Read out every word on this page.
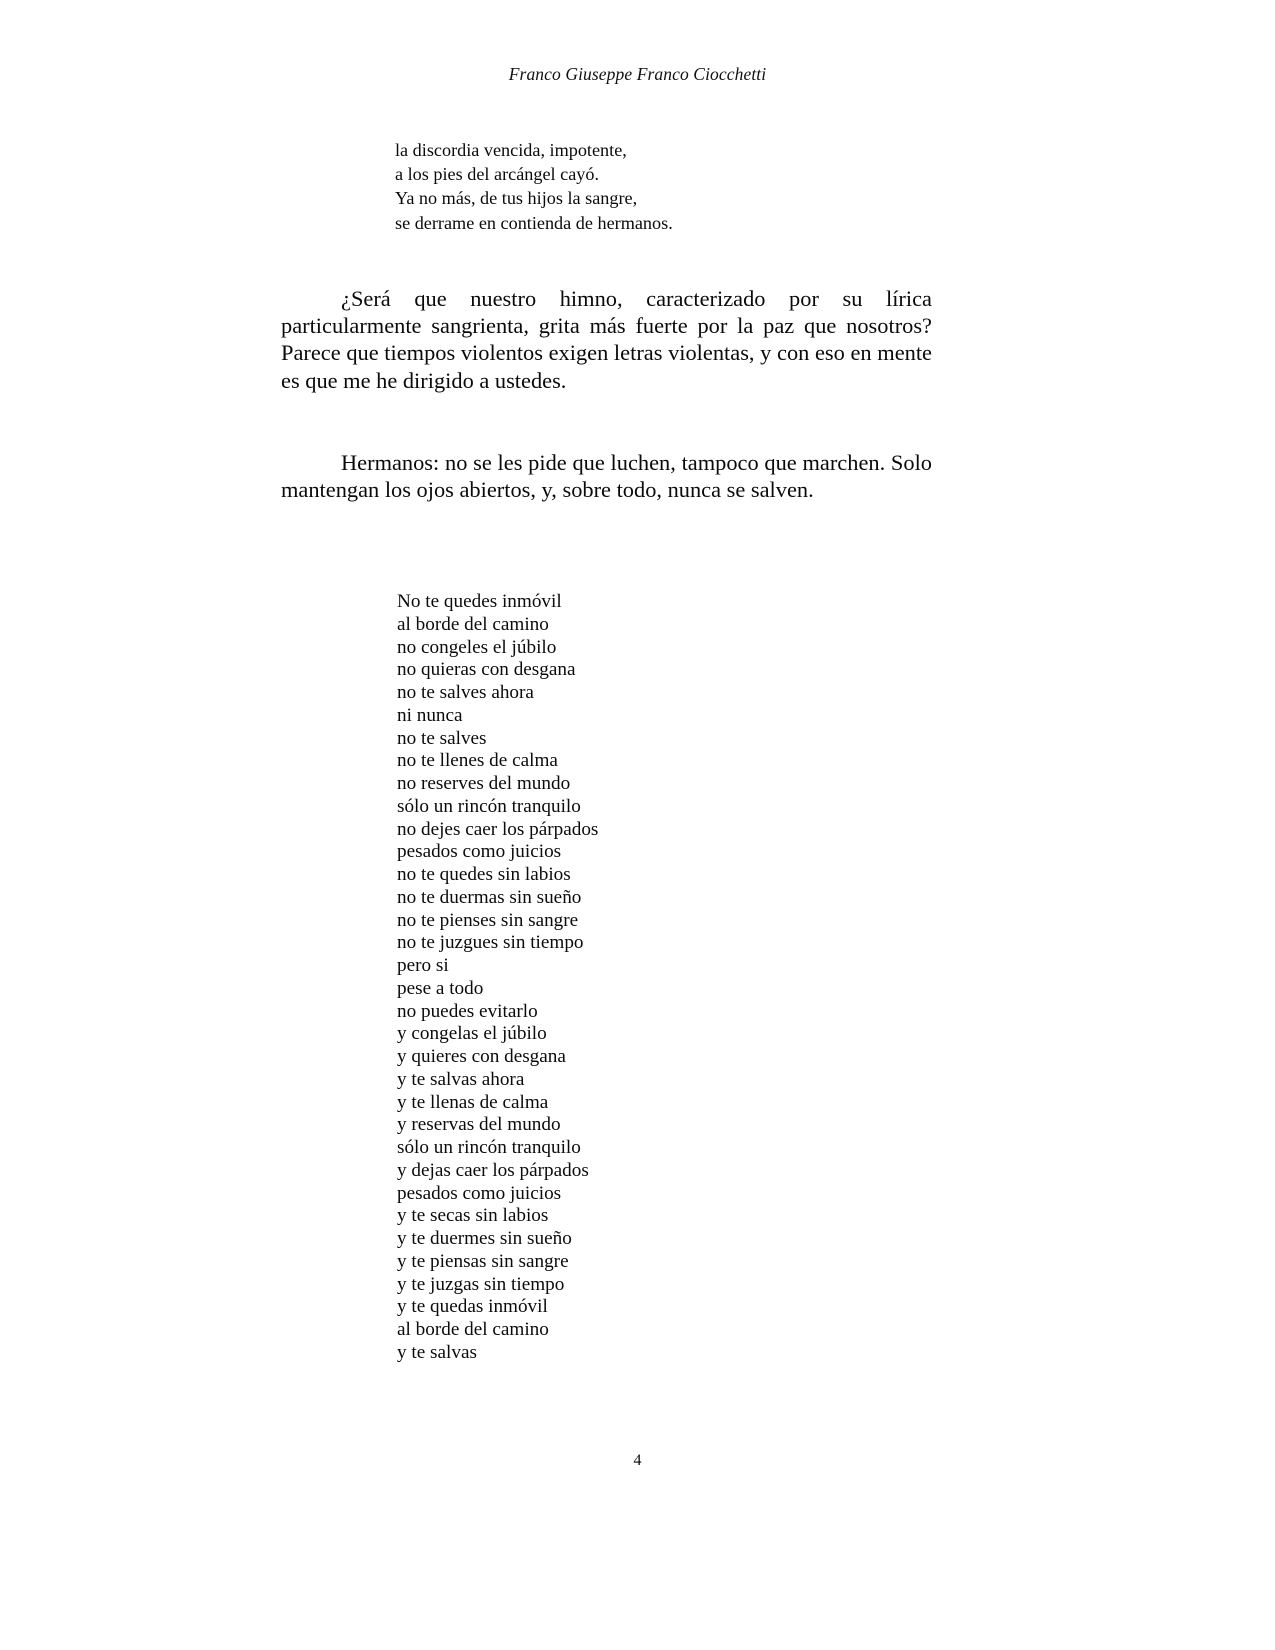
Franco Giuseppe Franco Ciocchetti
la discordia vencida, impotente,
a los pies del arcángel cayó.
Ya no más, de tus hijos la sangre,
se derrame en contienda de hermanos.

¿Será que nuestro himno, caracterizado por su lírica particularmente sangrienta, grita más fuerte por la paz que nosotros? Parece que tiempos violentos exigen letras violentas, y con eso en mente es que me he dirigido a ustedes.

Hermanos: no se les pide que luchen, tampoco que marchen. Solo mantengan los ojos abiertos, y, sobre todo, nunca se salven.

No te quedes inmóvil
al borde del camino
no congeles el júbilo
no quieras con desgana
no te salves ahora
ni nunca
no te salves
no te llenes de calma
no reserves del mundo
sólo un rincón tranquilo
no dejes caer los párpados
pesados como juicios
no te quedes sin labios
no te duermas sin sueño
no te pienses sin sangre
no te juzgues sin tiempo
pero si
pese a todo
no puedes evitarlo
y congelas el júbilo
y quieres con desgana
y te salvas ahora
y te llenas de calma
y reservas del mundo
sólo un rincón tranquilo
y dejas caer los párpados
pesados como juicios
y te secas sin labios
y te duermes sin sueño
y te piensas sin sangre
y te juzgas sin tiempo
y te quedas inmóvil
al borde del camino
y te salvas
4
